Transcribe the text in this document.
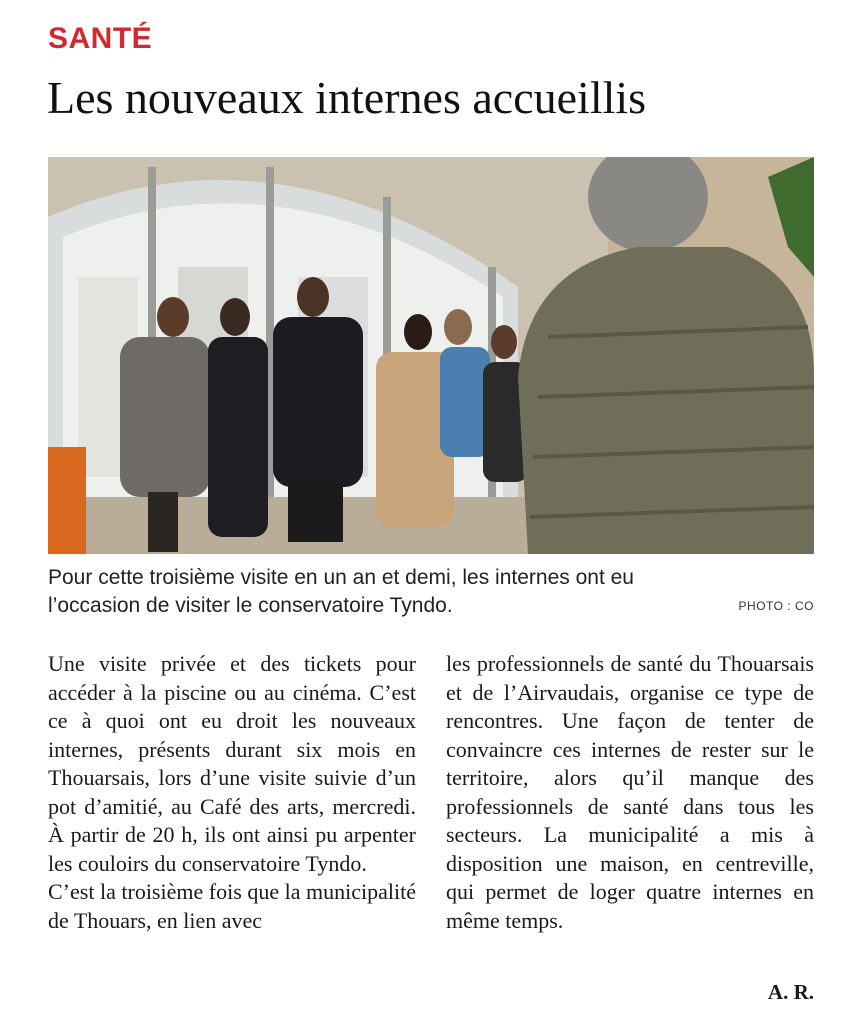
SANTÉ
Les nouveaux internes accueillis
Pour cette troisième visite en un an et demi, les internes ont eu l’occasion de visiter le conservatoire Tyndo.	PHOTO : CO

Une visite privée et des tickets pour accéder à la piscine ou au cinéma. C’est ce à quoi ont eu droit les nouveaux internes, présents durant six mois en Thouarsais, lors d’une visite suivie d’un pot d’amitié, au Café des arts, mercredi. À partir de 20 h, ils ont ainsi pu arpenter les couloirs du conservatoire Tyndo.

C’est la troisième fois que la municipalité de Thouars, en lien avec

les professionnels de santé du Thouarsais et de l’Airvaudais, organise ce type de rencontres. Une façon de tenter de convaincre ces internes de rester sur le territoire, alors qu’il manque des professionnels de santé dans tous les secteurs. La municipalité a mis à disposition une maison, en centreville, qui permet de loger quatre internes en même temps.

A. R.
